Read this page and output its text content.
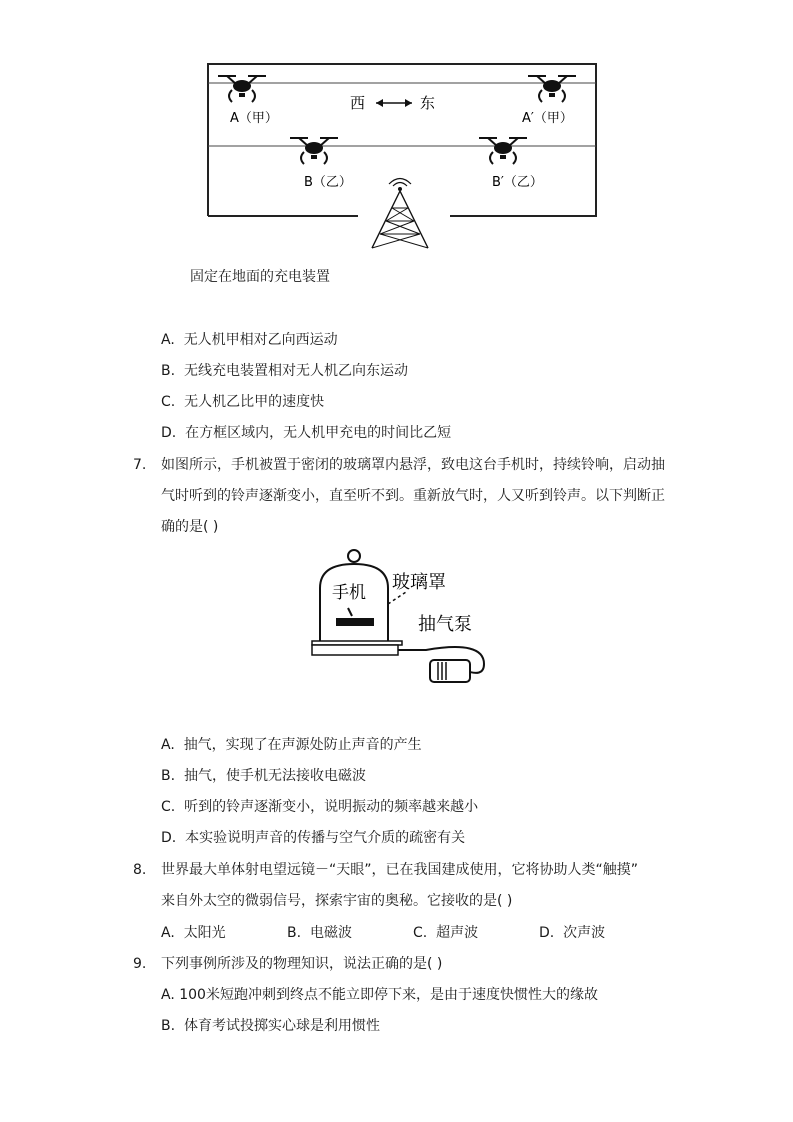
西	东
A（甲）	A′（甲）
B（乙）	B′（乙）
固定在地面的充电装置
A. 无人机甲相对乙向西运动
B. 无线充电装置相对无人机乙向东运动
C. 无人机乙比甲的速度快
D. 在方框区域内，无人机甲充电的时间比乙短
7. 如图所示，手机被置于密闭的玻璃罩内悬浮，致电这台手机时，持续铃响，启动抽
气时听到的铃声逐渐变小，直至听不到。重新放气时，人又听到铃声。以下判断正
确的是( )
手机 玻璃罩
抽气泵
A. 抽气，实现了在声源处防止声音的产生
B. 抽气，使手机无法接收电磁波
C. 听到的铃声逐渐变小，说明振动的频率越来越小
D. 本实验说明声音的传播与空气介质的疏密有关
8. 世界最大单体射电望远镜－“天眼”，已在我国建成使用，它将协助人类“触摸”
来自外太空的微弱信号，探索宇宙的奥秘。它接收的是( )
A. 太阳光	B. 电磁波	C. 超声波	D. 次声波
9. 下列事例所涉及的物理知识，说法正确的是( )
A. 100米短跑冲刺到终点不能立即停下来，是由于速度快惯性大的缘故
B. 体育考试投掷实心球是利用惯性
